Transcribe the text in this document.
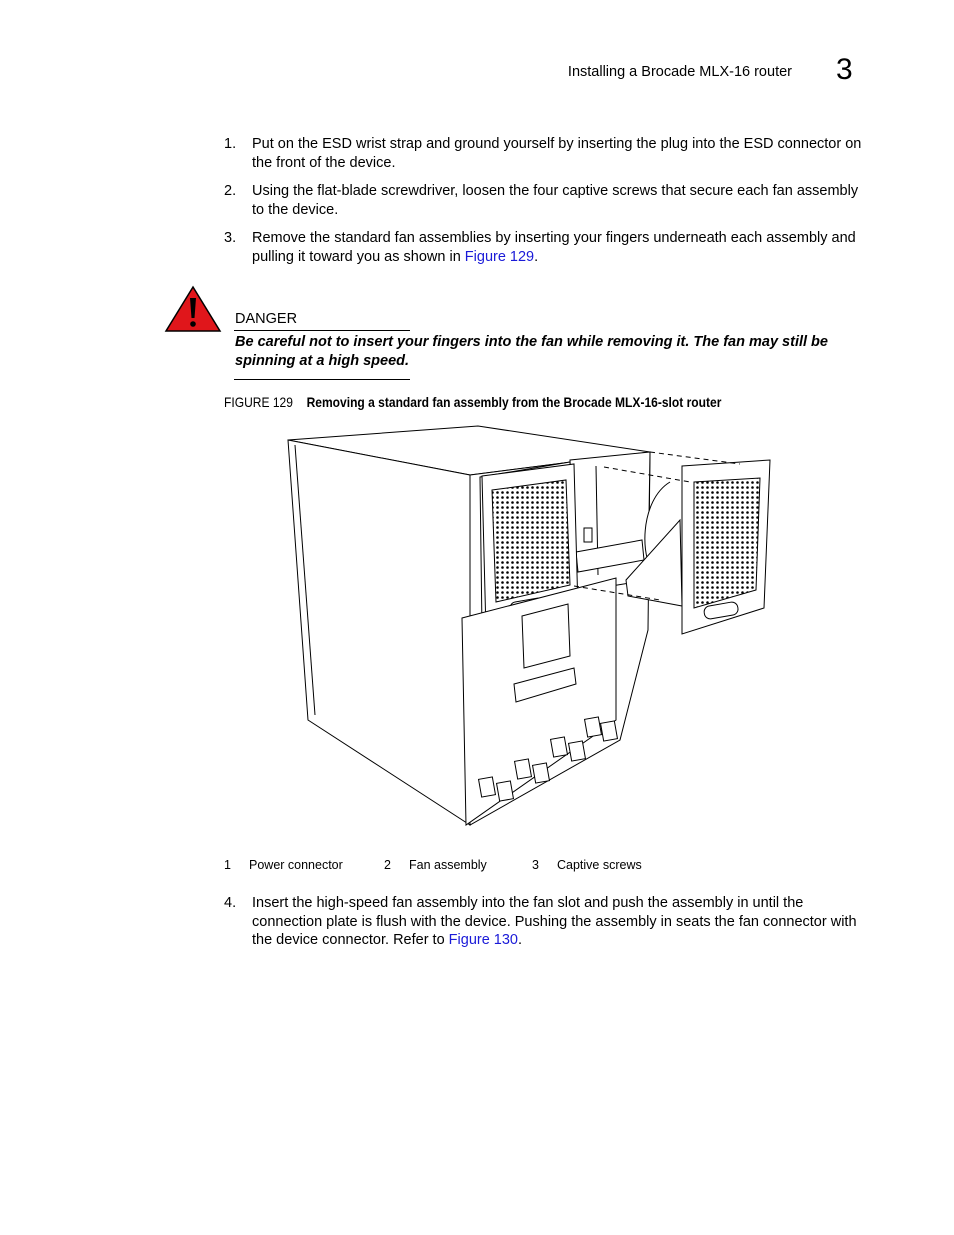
Installing a Brocade MLX-16 router 3
1. Put on the ESD wrist strap and ground yourself by inserting the plug into the ESD connector on the front of the device.
2. Using the flat-blade screwdriver, loosen the four captive screws that secure each fan assembly to the device.
3. Remove the standard fan assemblies by inserting your fingers underneath each assembly and pulling it toward you as shown in Figure 129.
DANGER
Be careful not to insert your fingers into the fan while removing it. The fan may still be spinning at a high speed.
FIGURE 129 Removing a standard fan assembly from the Brocade MLX-16-slot router
1 Power connector	2 Fan assembly	3 Captive screws
4. Insert the high-speed fan assembly into the fan slot and push the assembly in until the connection plate is flush with the device. Pushing the assembly in seats the fan connector with the device connector. Refer to Figure 130.
